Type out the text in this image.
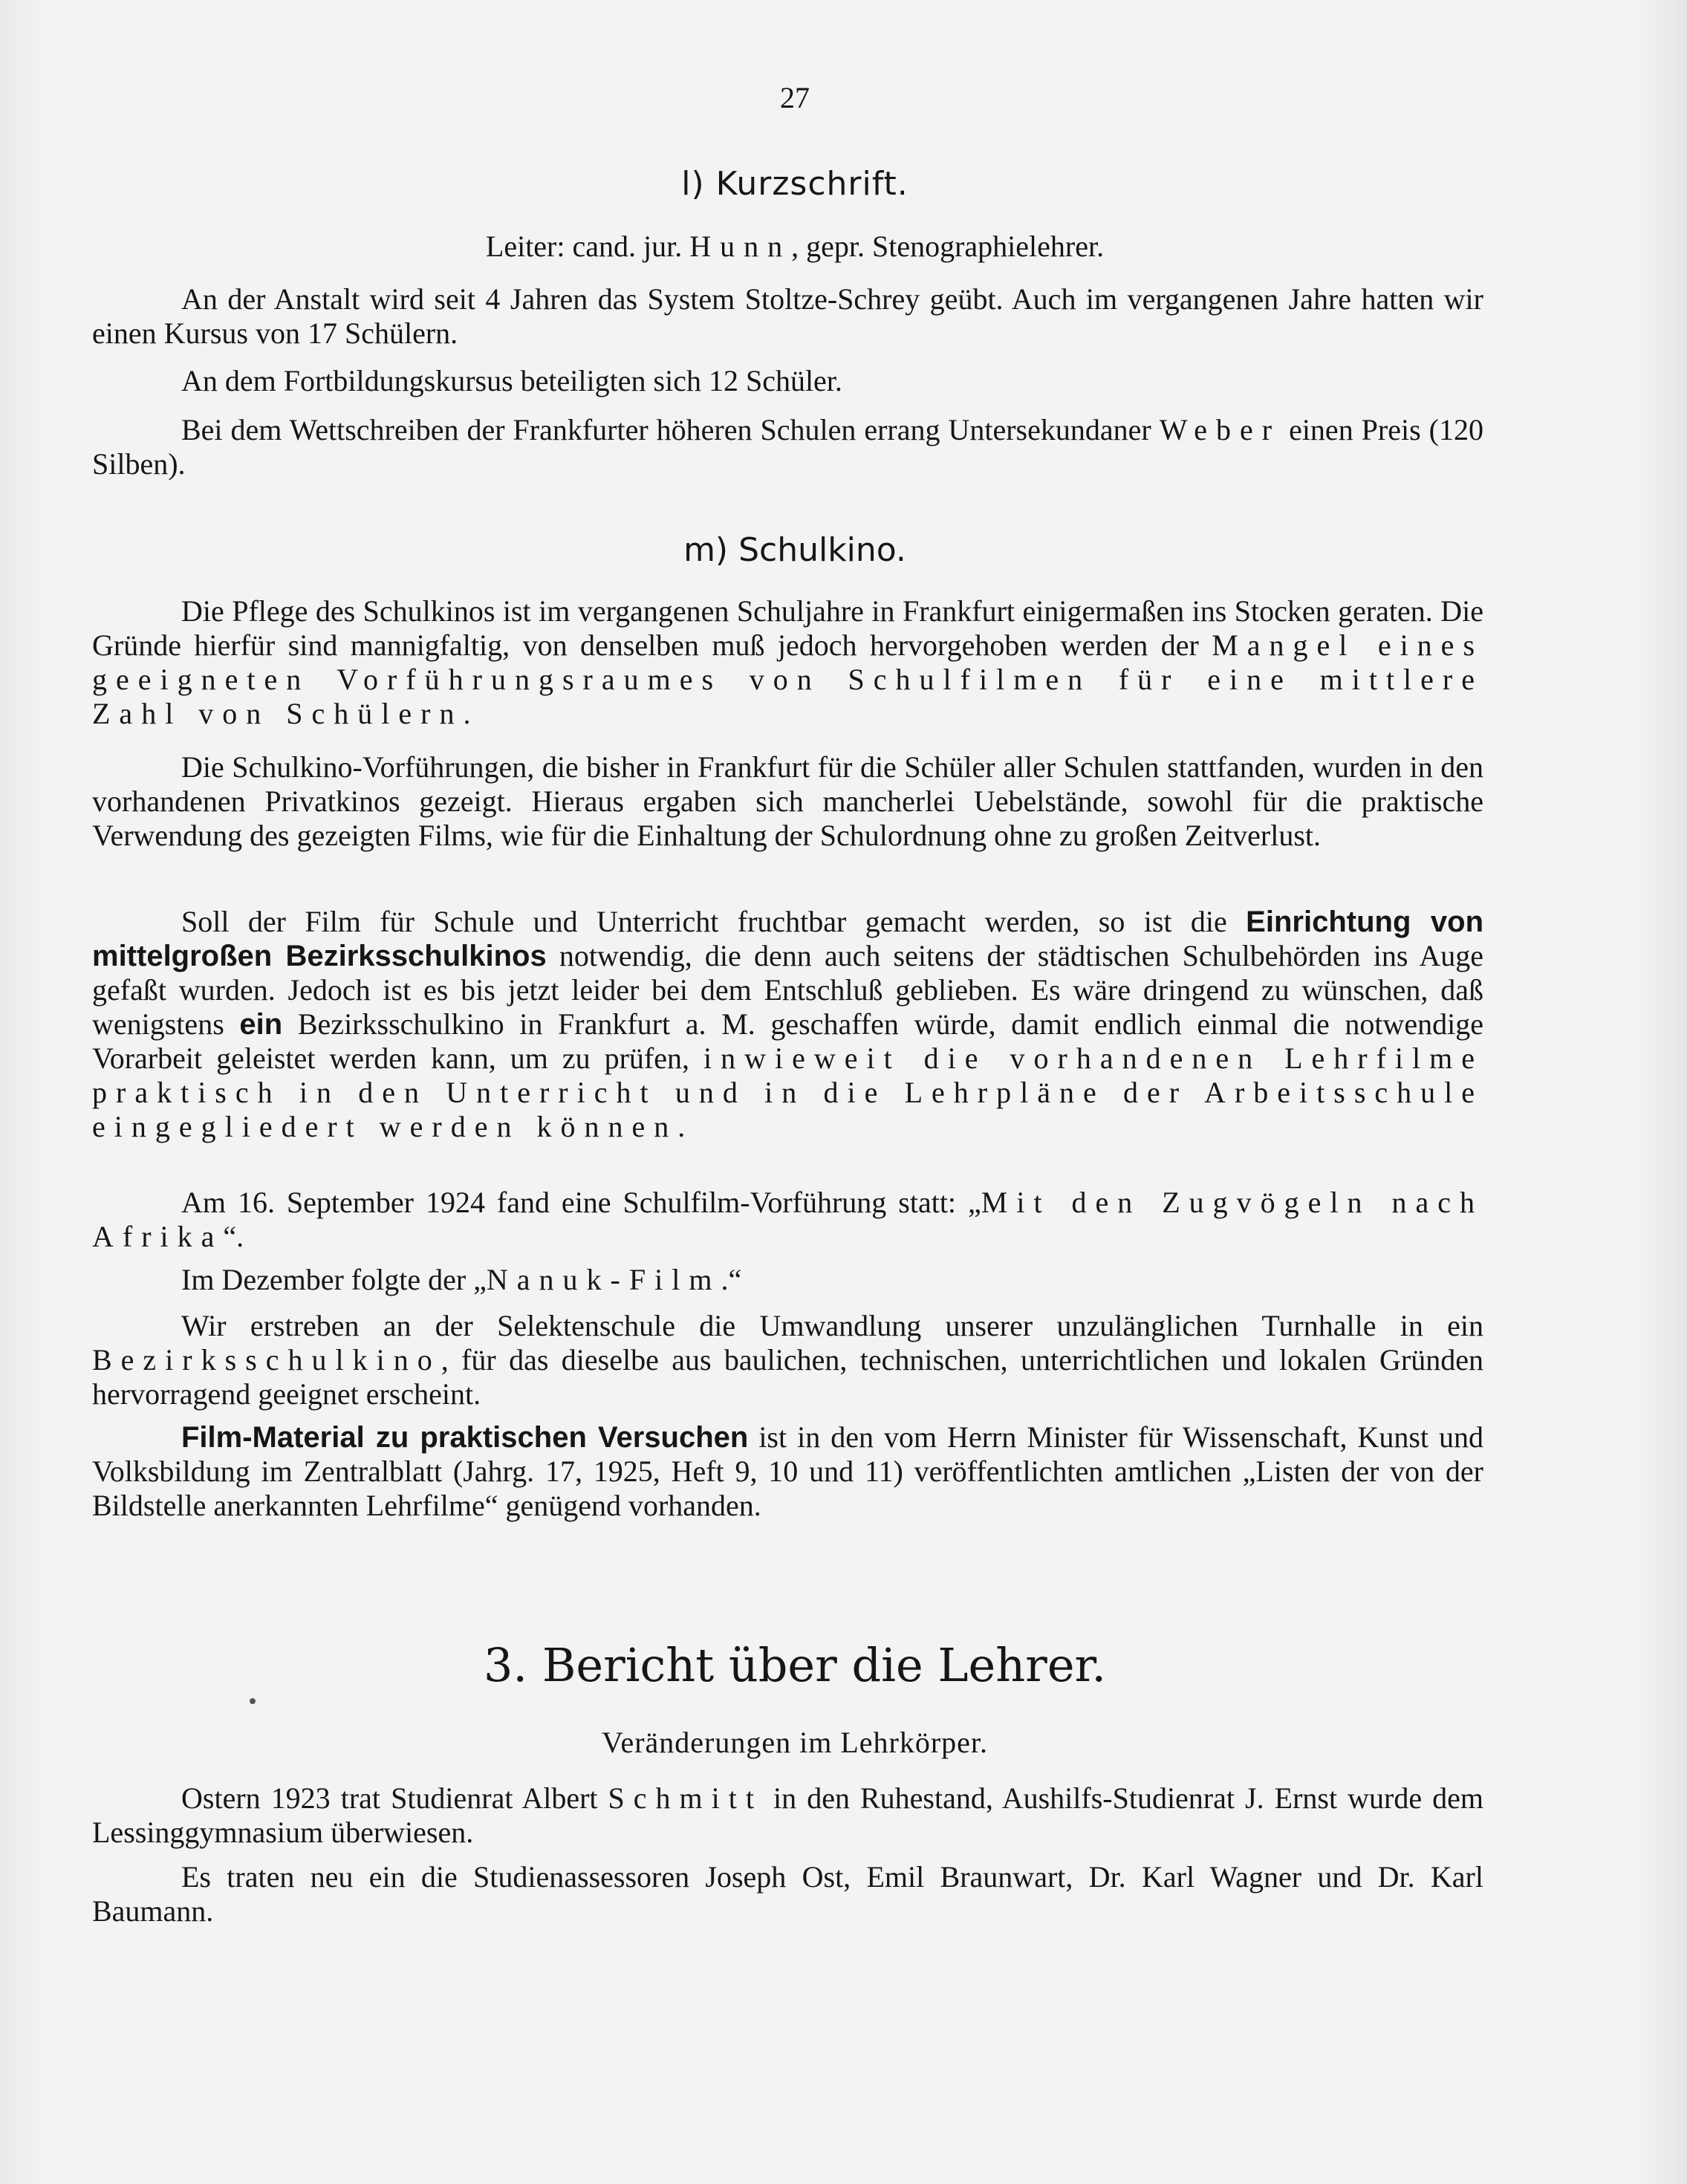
27
l) Kurzschrift.
Leiter: cand. jur. Hunn, gepr. Stenographielehrer.

An der Anstalt wird seit 4 Jahren das System Stoltze-Schrey geübt. Auch im vergangenen Jahre hatten wir einen Kursus von 17 Schülern.

An dem Fortbildungskursus beteiligten sich 12 Schüler.

Bei dem Wettschreiben der Frankfurter höheren Schulen errang Untersekundaner Weber einen Preis (120 Silben).

m) Schulkino.

Die Pflege des Schulkinos ist im vergangenen Schuljahre in Frankfurt einigermaßen ins Stocken geraten. Die Gründe hierfür sind mannigfaltig, von denselben muß jedoch hervorgehoben werden der Mangel eines geeigneten Vorführungsraumes von Schulfilmen für eine mittlere Zahl von Schülern.

Die Schulkino-Vorführungen, die bisher in Frankfurt für die Schüler aller Schulen stattfanden, wurden in den vorhandenen Privatkinos gezeigt. Hieraus ergaben sich mancherlei Uebelstände, sowohl für die praktische Verwendung des gezeigten Films, wie für die Einhaltung der Schulordnung ohne zu großen Zeitverlust.

Soll der Film für Schule und Unterricht fruchtbar gemacht werden, so ist die Einrichtung von mittelgroßen Bezirksschulkinos notwendig, die denn auch seitens der städtischen Schulbehörden ins Auge gefaßt wurden. Jedoch ist es bis jetzt leider bei dem Entschluß geblieben. Es wäre dringend zu wünschen, daß wenigstens ein Bezirksschulkino in Frankfurt a. M. geschaffen würde, damit endlich einmal die notwendige Vorarbeit geleistet werden kann, um zu prüfen, inwieweit die vorhandenen Lehrfilme praktisch in den Unterricht und in die Lehrpläne der Arbeitsschule eingegliedert werden können.

Am 16. September 1924 fand eine Schulfilm-Vorführung statt: „Mit den Zugvögeln nach Afrika“.

Im Dezember folgte der „Nanuk-Film.“

Wir erstreben an der Selektenschule die Umwandlung unserer unzulänglichen Turnhalle in ein Bezirksschulkino, für das dieselbe aus baulichen, technischen, unterrichtlichen und lokalen Gründen hervorragend geeignet erscheint.

Film-Material zu praktischen Versuchen ist in den vom Herrn Minister für Wissenschaft, Kunst und Volksbildung im Zentralblatt (Jahrg. 17, 1925, Heft 9, 10 und 11) veröffentlichten amtlichen „Listen der von der Bildstelle anerkannten Lehrfilme“ genügend vorhanden.

3. Bericht über die Lehrer.
Veränderungen im Lehrkörper.

Ostern 1923 trat Studienrat Albert Schmitt in den Ruhestand, Aushilfs-Studienrat J. Ernst wurde dem Lessinggymnasium überwiesen.

Es traten neu ein die Studienassessoren Joseph Ost, Emil Braunwart, Dr. Karl Wagner und Dr. Karl Baumann.
